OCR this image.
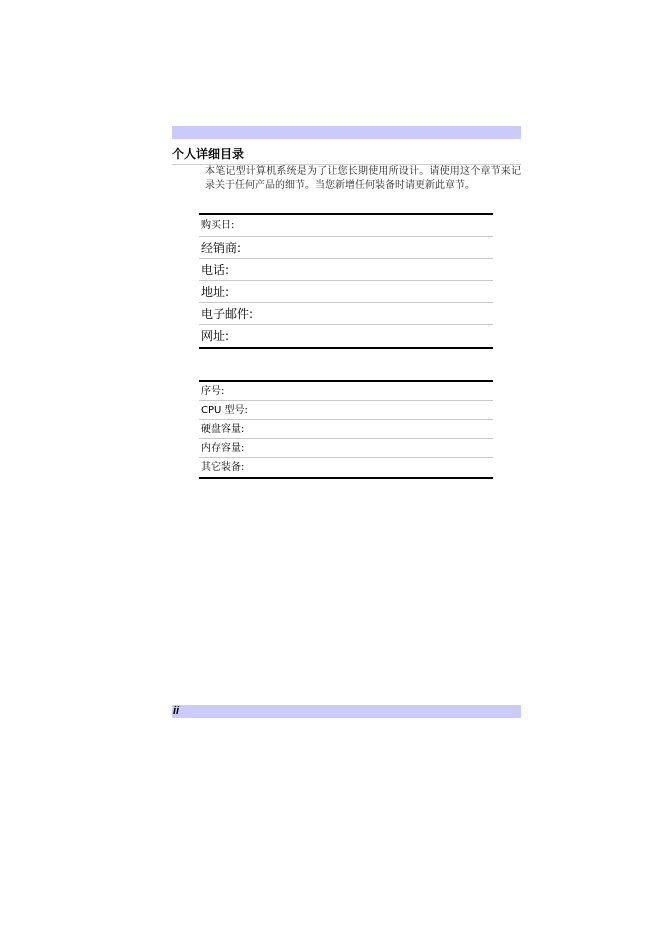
个人详细目录
本笔记型计算机系统是为了让您长期使用所设计。请使用这个章节来记录关于任何产品的细节。当您新增任何装备时请更新此章节。
购买日:
经销商:
电话:
地址:
电子邮件:
网址:
序号:
CPU 型号:
硬盘容量:
内存容量:
其它装备:
ii
